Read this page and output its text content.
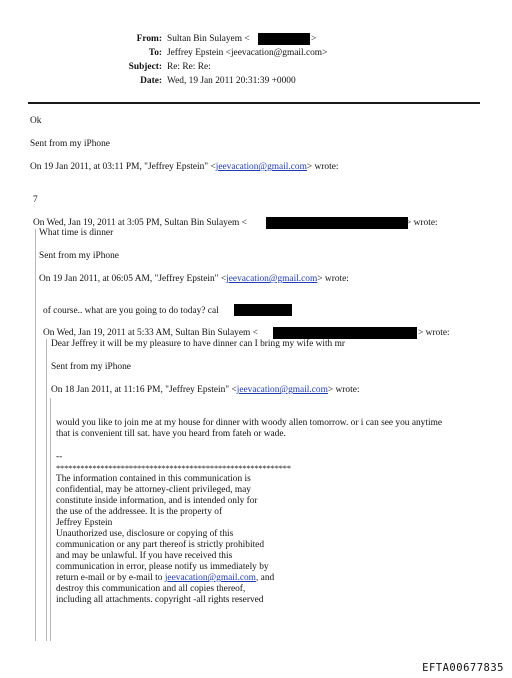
From: Sultan Bin Sulayem <	>
To: Jeffrey Epstein <jeevacation@gmail.com>
Subject: Re: Re: Re:
Date: Wed, 19 Jan 2011 20:31:39 +0000
Ok
Sent from my iPhone
On 19 Jan 2011, at 03:11 PM, "Jeffrey Epstein" <jeevacation@gmail.com> wrote:
7
On Wed, Jan 19, 2011 at 3:05 PM, Sultan Bin Sulayem <	> wrote:
What time is dinner
Sent from my iPhone
On 19 Jan 2011, at 06:05 AM, "Jeffrey Epstein" <jeevacation@gmail.com> wrote:
of course.. what are you going to do today? cal
On Wed, Jan 19, 2011 at 5:33 AM, Sultan Bin Sulayem <	> wrote:
Dear Jeffrey it will be my pleasure to have dinner can I bring my wife with mr
Sent from my iPhone
On 18 Jan 2011, at 11:16 PM, "Jeffrey Epstein" <jeevacation@gmail.com> wrote:
would you like to join me at my house for dinner with woody allen tomorrow. or i can see you anytime
that is convenient till sat. have you heard from fateh or wade.
--
**********************************************************
The information contained in this communication is
confidential, may be attorney-client privileged, may
constitute inside information, and is intended only for
the use of the addressee. It is the property of
Jeffrey Epstein
Unauthorized use, disclosure or copying of this
communication or any part thereof is strictly prohibited
and may be unlawful. If you have received this
communication in error, please notify us immediately by
return e-mail or by e-mail to jeevacation@gmail.com, and
destroy this communication and all copies thereof,
including all attachments. copyright -all rights reserved
EFTA00677835
